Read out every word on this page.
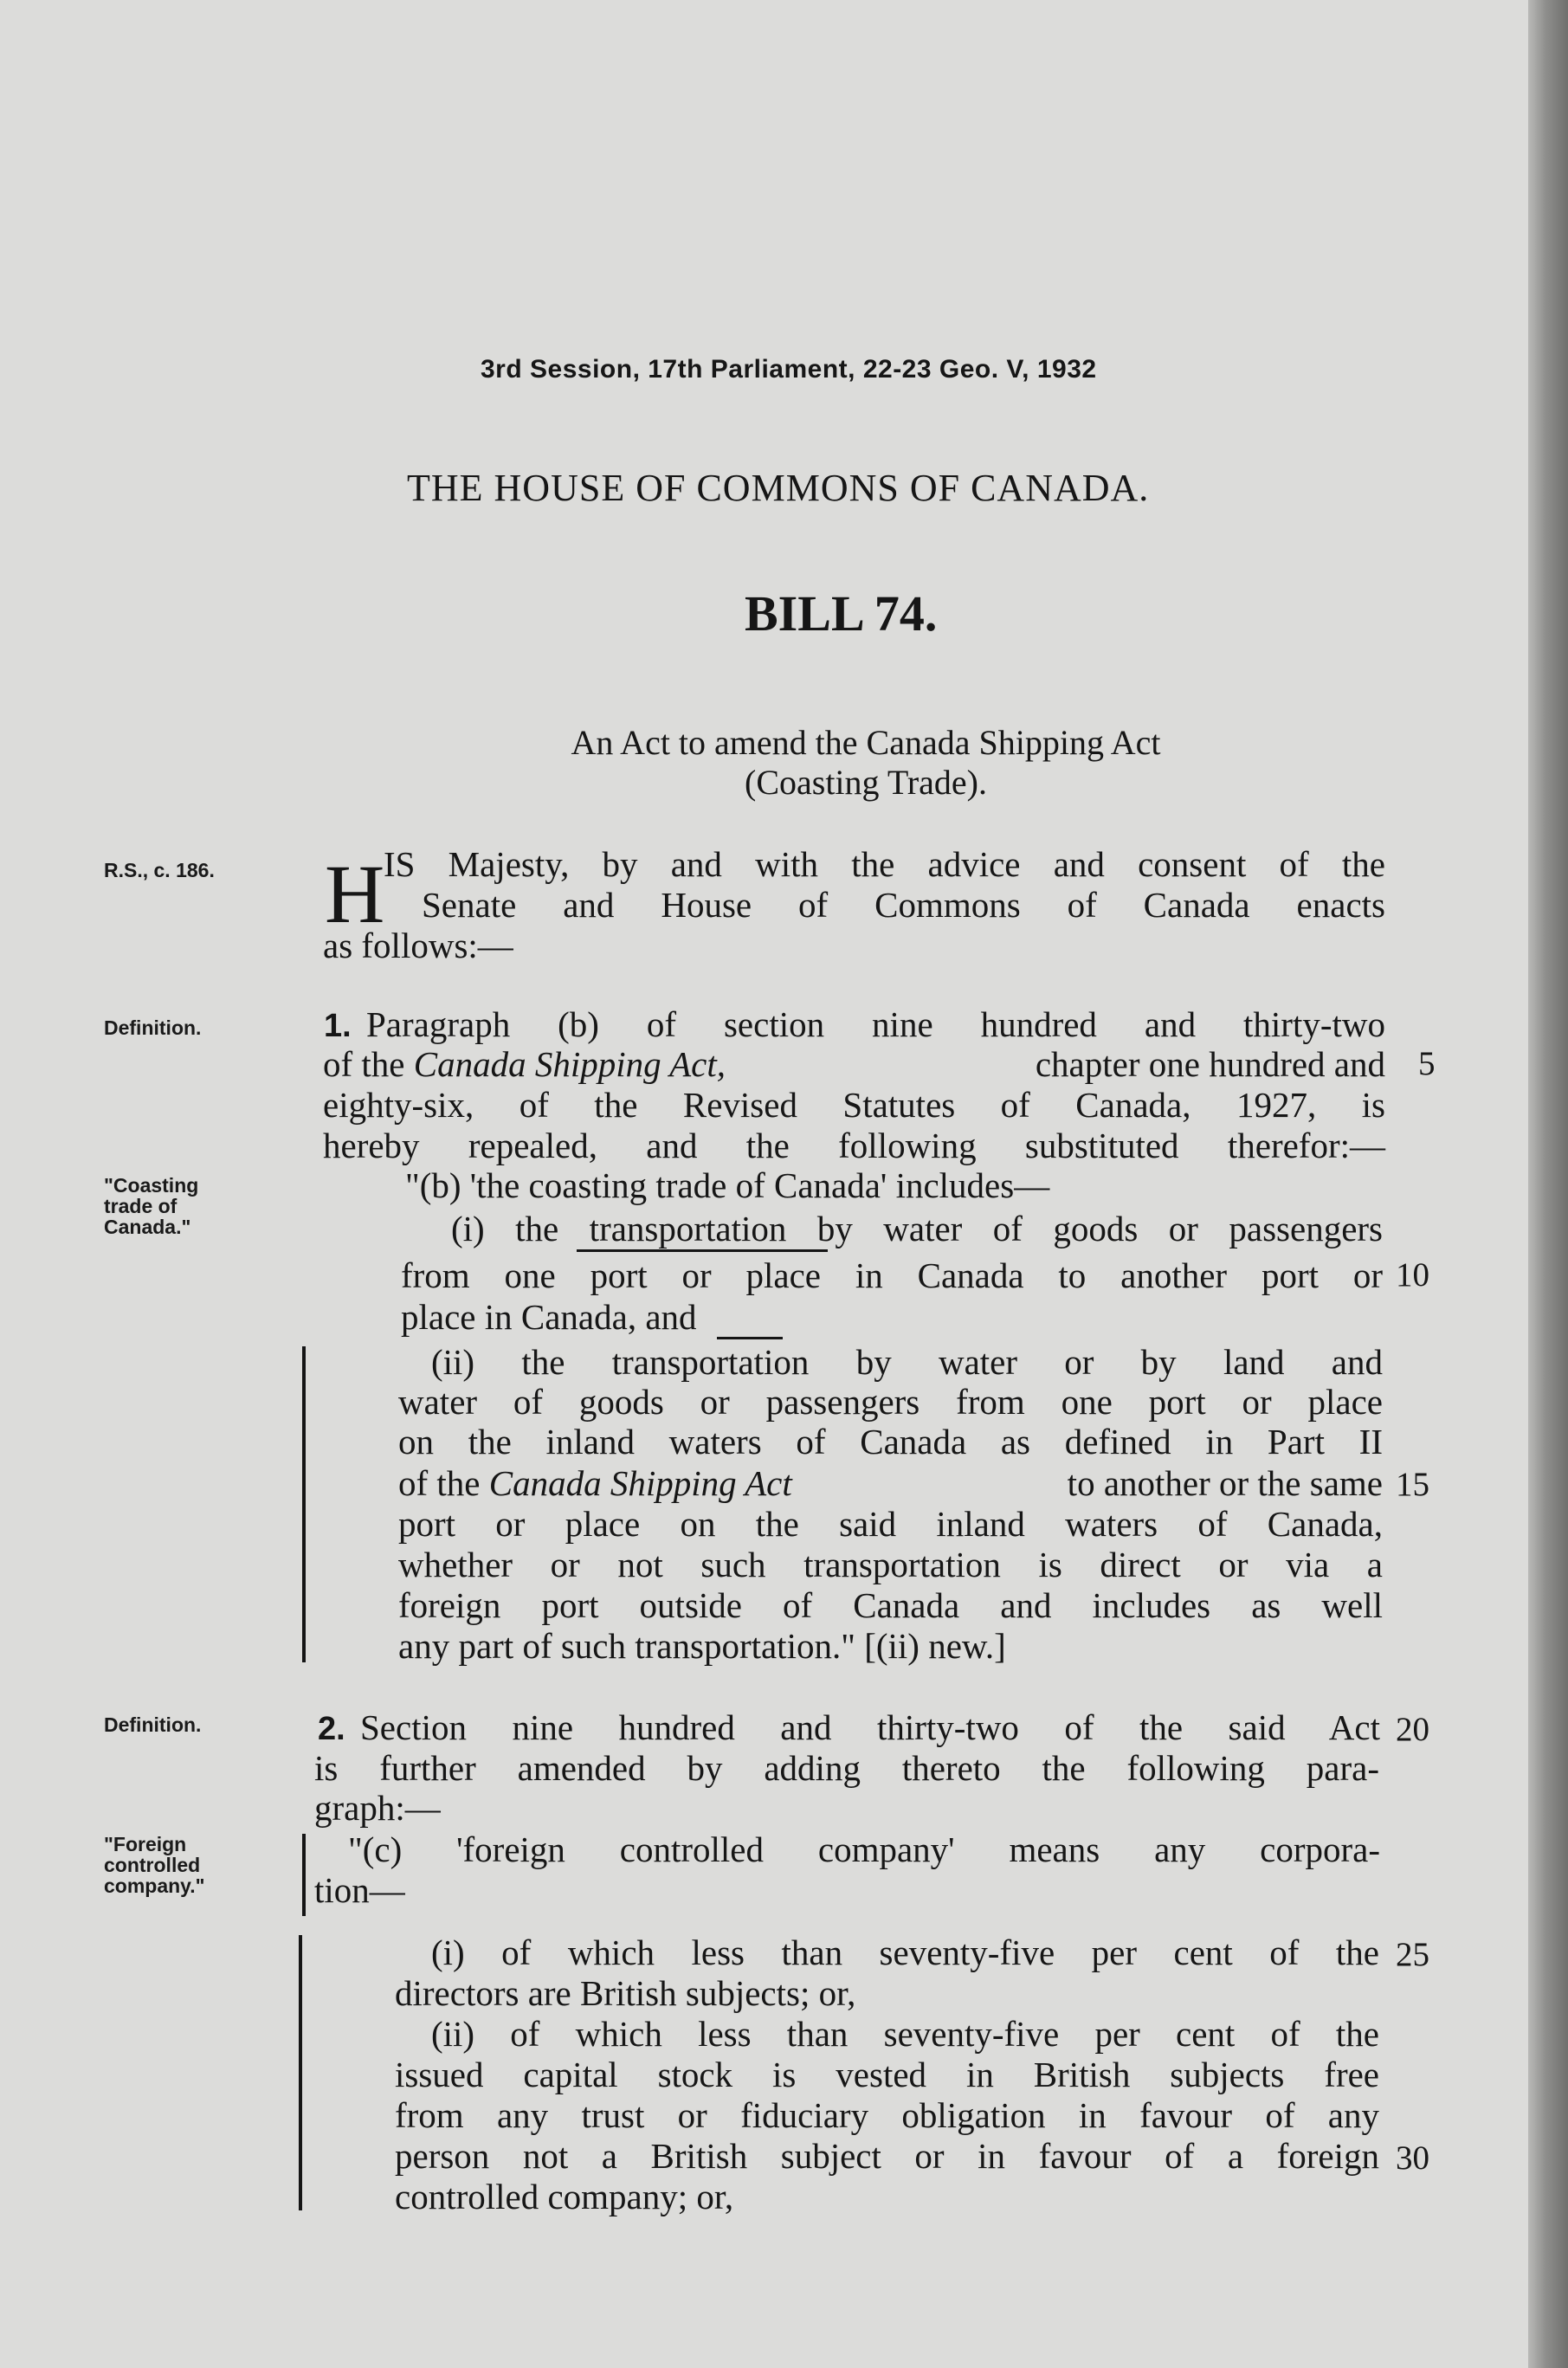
3rd Session, 17th Parliament, 22-23 Geo. V, 1932
THE HOUSE OF COMMONS OF CANADA.
BILL 74.
An Act to amend the Canada Shipping Act
(Coasting Trade).
R.S., c. 186.
Definition.
"Coasting trade of Canada."
Definition.
"Foreign controlled company."
H
IS Majesty, by and with the advice and consent of the
Senate and House of Commons of Canada enacts
as follows:—
Paragraph (b) of section nine hundred and thirty-two
1.
of the Canada Shipping Act,	chapter one hundred and
eighty-six, of the Revised Statutes of Canada, 1927, is
hereby repealed, and the following substituted therefor:—
"(b) 'the coasting trade of Canada' includes—
(i) the transportation by water of goods or passengers
from one port or place in Canada to another port or
place in Canada, and
(ii) the transportation by water or by land and
water of goods or passengers from one port or place
on the inland waters of Canada as defined in Part II
of the Canada Shipping Act	to another or the same
port or place on the said inland waters of Canada,
whether or not such transportation is direct or via a
foreign port outside of Canada and includes as well
any part of such transportation." [(ii) new.]
2. Section nine hundred and thirty-two of the said Act
is further amended by adding thereto the following para-
graph:—
"(c) 'foreign controlled company' means any corpora-
tion—
(i) of which less than seventy-five per cent of the
directors are British subjects; or,
(ii) of which less than seventy-five per cent of the
issued capital stock is vested in British subjects free
from any trust or fiduciary obligation in favour of any
person not a British subject or in favour of a foreign
controlled company; or,
5
10
15
20
25
30
